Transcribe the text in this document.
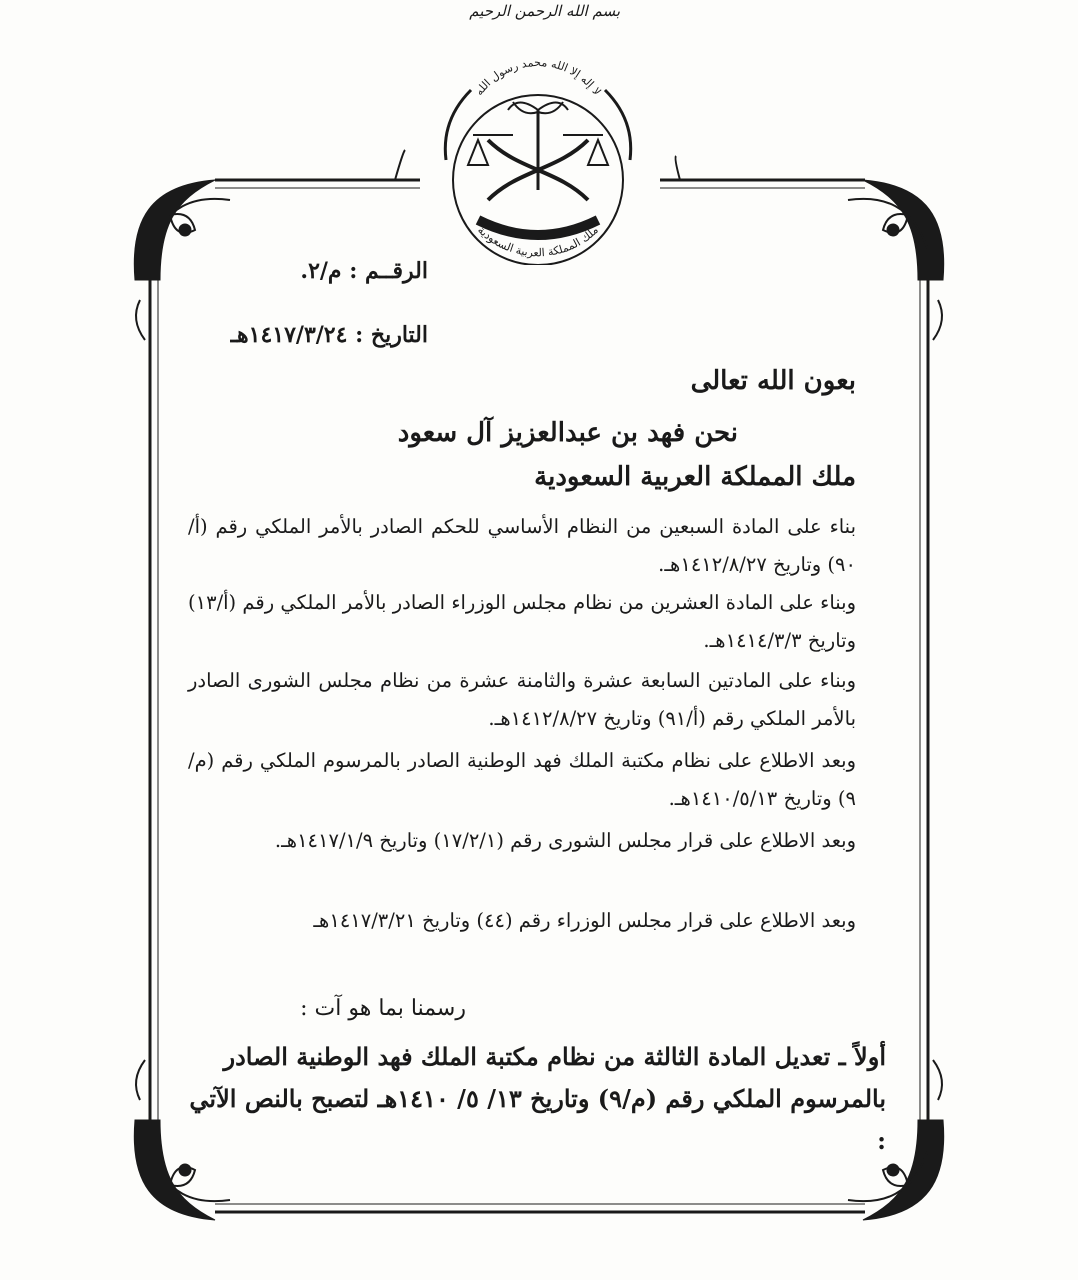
بسم الله الرحمن الرحيم
لا إله إلا الله محمد رسول الله
ملك المملكة العربية السعودية
الرقــم : م/٢.
التاريخ : ١٤١٧/٣/٢٤هـ
بعون الله تعالى
نحن فهد بن عبدالعزيز آل سعود
ملك المملكة العربية السعودية
بناء على المادة السبعين من النظام الأساسي للحكم الصادر بالأمر الملكي رقم (أ/٩٠) وتاريخ ١٤١٢/٨/٢٧هـ.
وبناء على المادة العشرين من نظام مجلس الوزراء الصادر بالأمر الملكي رقم (أ/١٣) وتاريخ ١٤١٤/٣/٣هـ.
وبناء على المادتين السابعة عشرة والثامنة عشرة من نظام مجلس الشورى الصادر بالأمر الملكي رقم (أ/٩١) وتاريخ ١٤١٢/٨/٢٧هـ.
وبعد الاطلاع على نظام مكتبة الملك فهد الوطنية الصادر بالمرسوم الملكي رقم (م/٩) وتاريخ ١٤١٠/٥/١٣هـ.
وبعد الاطلاع على قرار مجلس الشورى رقم (١٧/٢/١) وتاريخ ١٤١٧/١/٩هـ.
وبعد الاطلاع على قرار مجلس الوزراء رقم (٤٤) وتاريخ ١٤١٧/٣/٢١هـ
رسمنا بما هو آت :
أولاً ـ تعديل المادة الثالثة من نظام مكتبة الملك فهد الوطنية الصادر بالمرسوم الملكي رقم (م/٩) وتاريخ ١٣/ ٥/ ١٤١٠هـ لتصبح بالنص الآتي :
